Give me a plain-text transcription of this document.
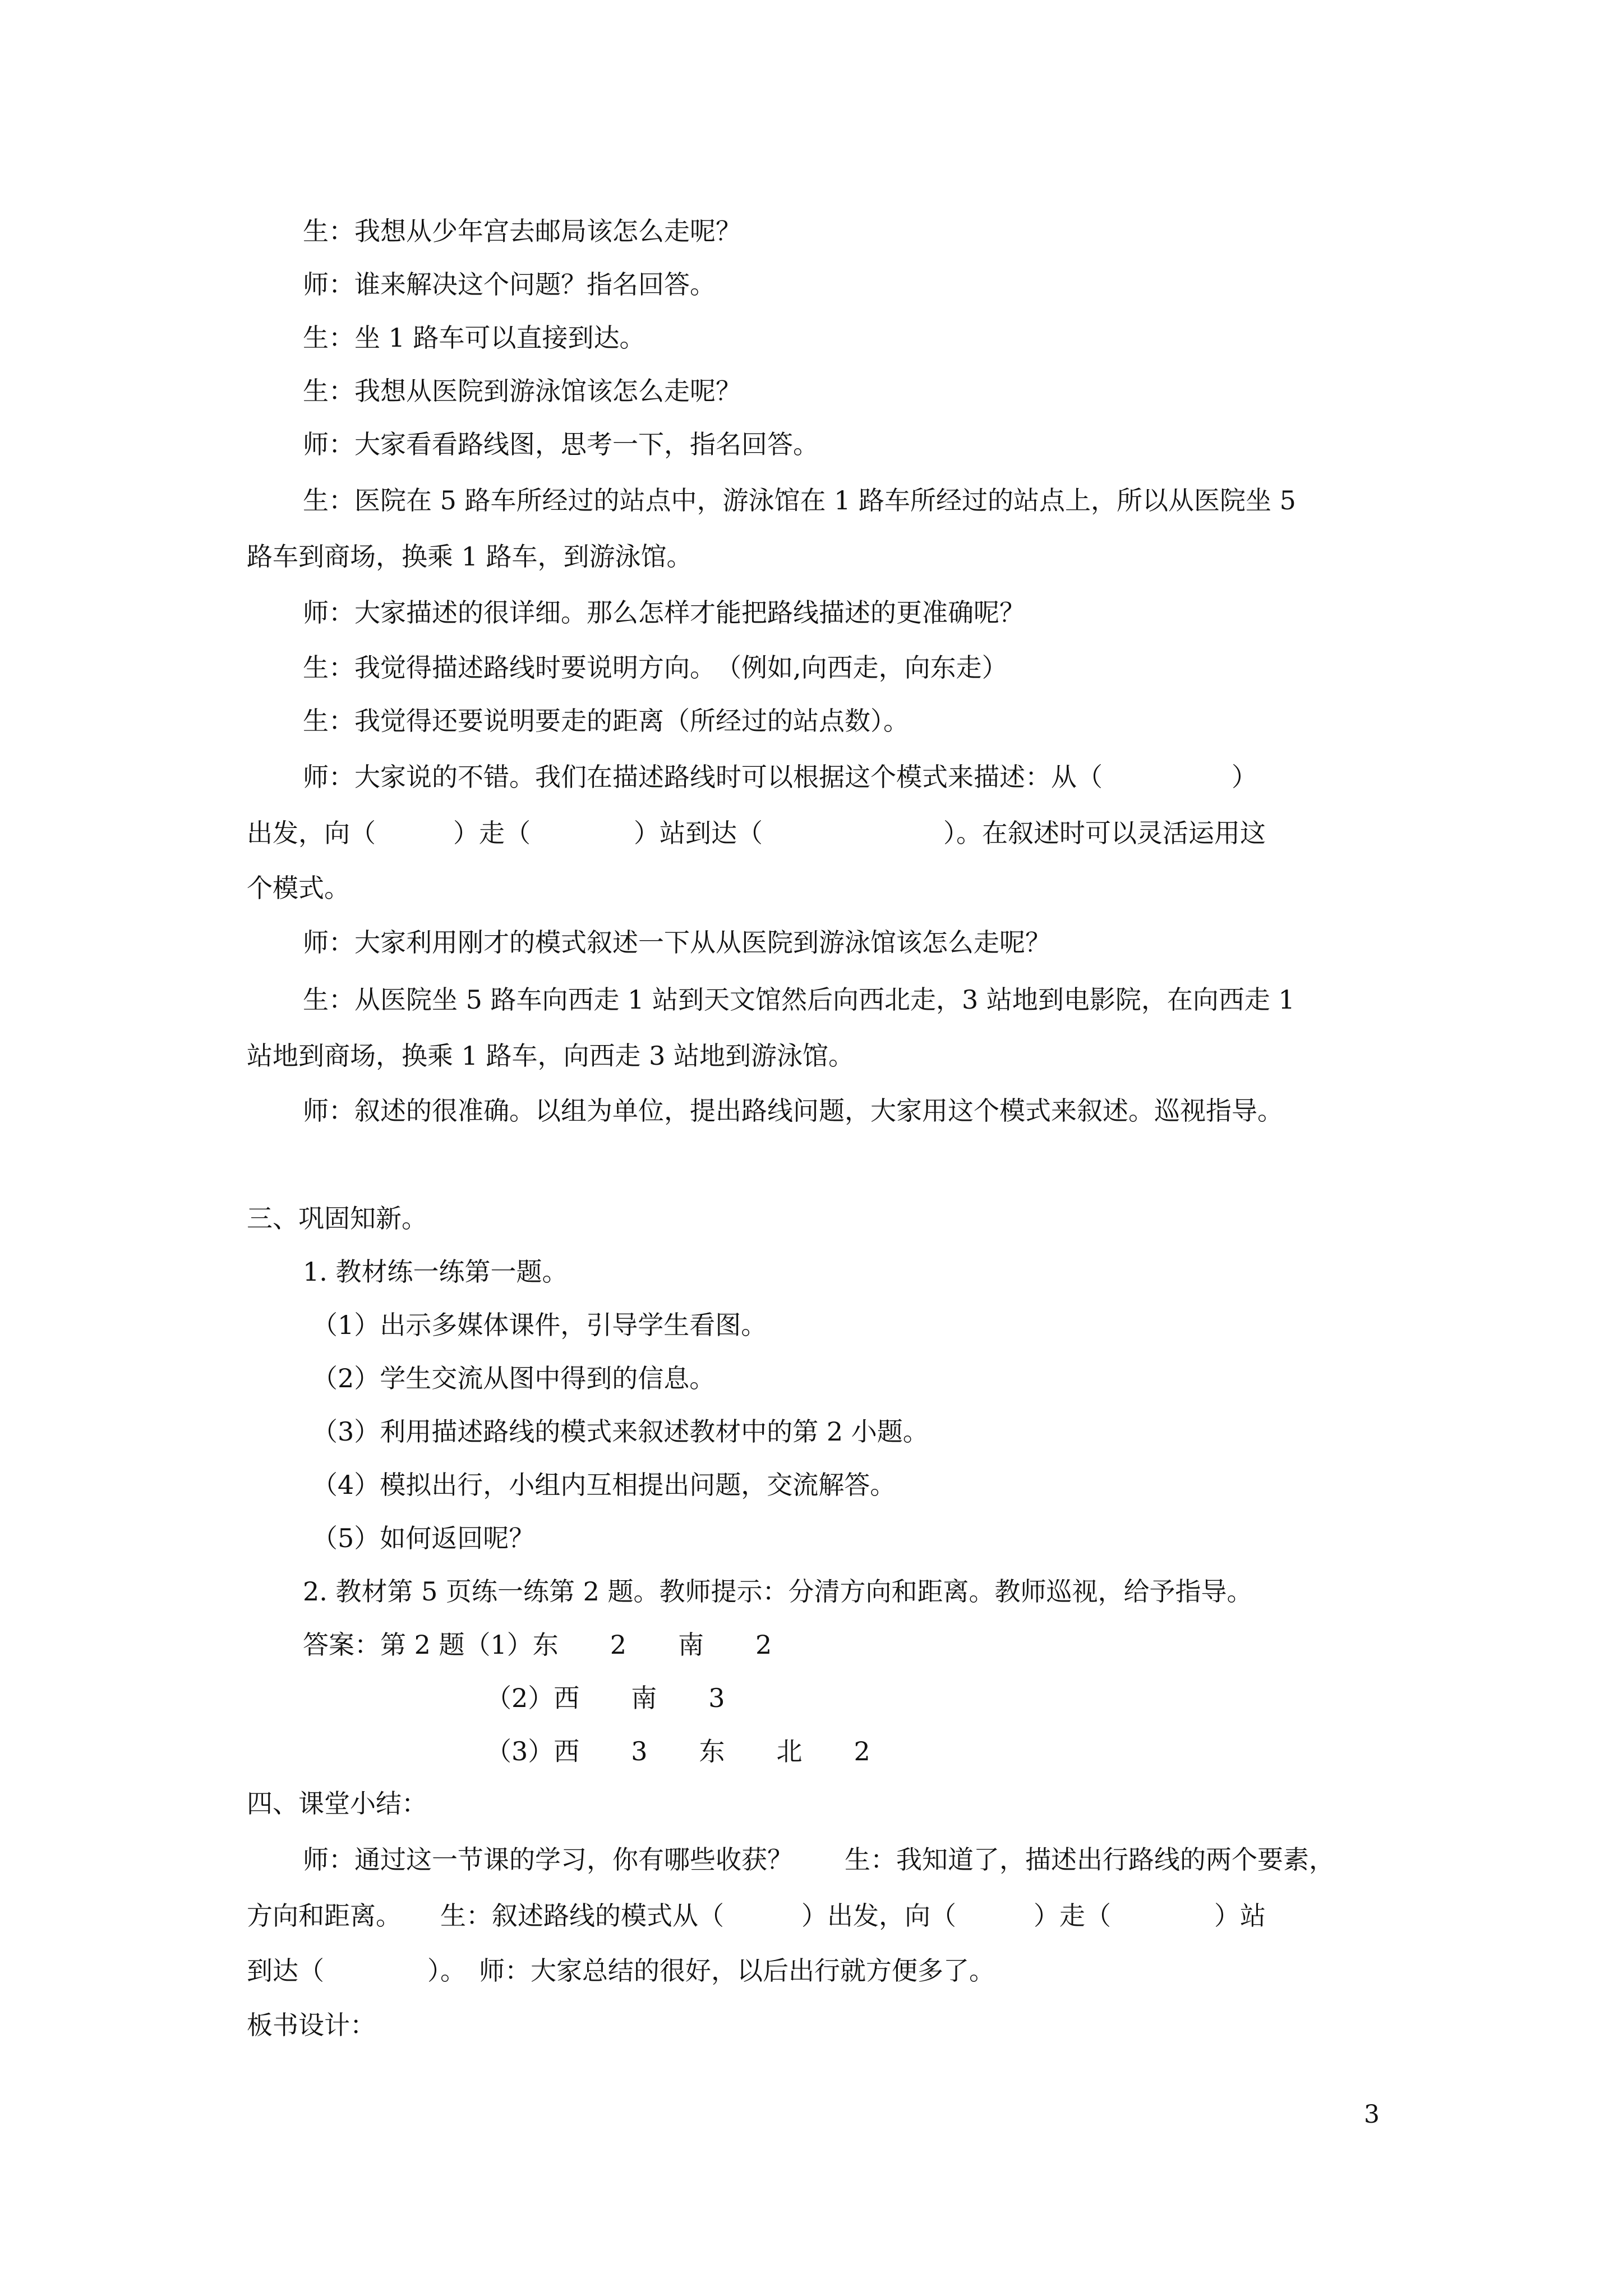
生：我想从少年宫去邮局该怎么走呢？
师：谁来解决这个问题？指名回答。
生：坐 1 路车可以直接到达。
生：我想从医院到游泳馆该怎么走呢？
师：大家看看路线图，思考一下，指名回答。
生：医院在 5 路车所经过的站点中，游泳馆在 1 路车所经过的站点上，所以从医院坐 5
路车到商场，换乘 1 路车，到游泳馆。
师：大家描述的很详细。那么怎样才能把路线描述的更准确呢？
生：我觉得描述路线时要说明方向。　（例如,向西走，向东走）
生：我觉得还要说明要走的距离（所经过的站点数）。
师：大家说的不错。我们在描述路线时可以根据这个模式来描述：从（　　　　　）
出发，向（　　　）走（　　　　）站到达（　　　　　　　）。在叙述时可以灵活运用这
个模式。
师：大家利用刚才的模式叙述一下从从医院到游泳馆该怎么走呢？
生：从医院坐 5 路车向西走 1 站到天文馆然后向西北走，3 站地到电影院，在向西走 1
站地到商场，换乘 1 路车，向西走 3 站地到游泳馆。
师：叙述的很准确。以组为单位，提出路线问题，大家用这个模式来叙述。巡视指导。
三、巩固知新。
1. 教材练一练第一题。
（1）出示多媒体课件，引导学生看图。
（2）学生交流从图中得到的信息。
（3）利用描述路线的模式来叙述教材中的第 2 小题。
（4）模拟出行，小组内互相提出问题，交流解答。
（5）如何返回呢？
2. 教材第 5 页练一练第 2 题。教师提示：分清方向和距离。教师巡视，给予指导。
答案：第 2 题（1）东　　2　　南　　2
（2）西　　南　　3
（3）西　　3　　东　　北　　2
四、课堂小结：
师：通过这一节课的学习，你有哪些收获？　　生：我知道了，描述出行路线的两个要素，
方向和距离。　　生：叙述路线的模式从（　　　）出发，向（　　　）走（　　　　）站
到达（　　　　）。　师：大家总结的很好，以后出行就方便多了。
板书设计：
3
